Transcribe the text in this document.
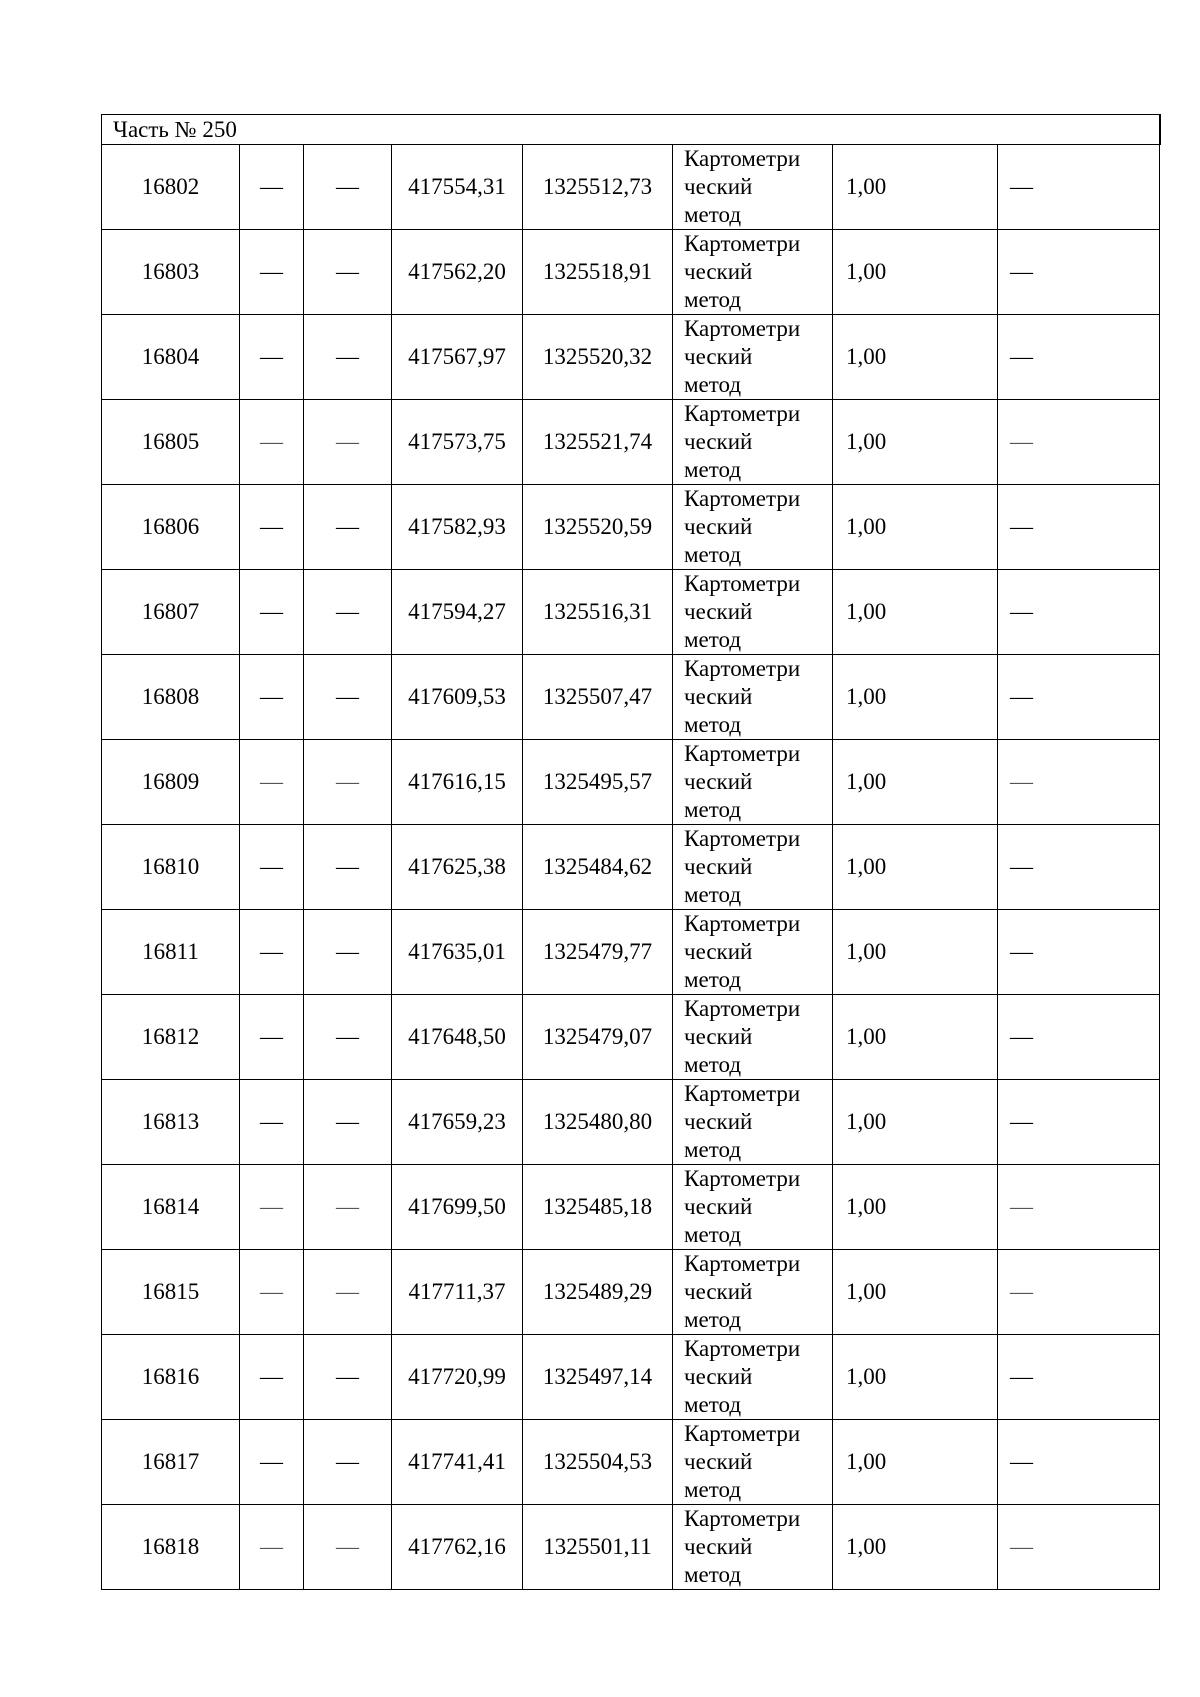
Часть № 250							
16802	—	—	417554,31	1325512,73	Картометри
ческий
метод	1,00	—
16803	—	—	417562,20	1325518,91	Картометри
ческий
метод	1,00	—
16804	—	—	417567,97	1325520,32	Картометри
ческий
метод	1,00	—
16805	—	—	417573,75	1325521,74	Картометри
ческий
метод	1,00	—
16806	—	—	417582,93	1325520,59	Картометри
ческий
метод	1,00	—
16807	—	—	417594,27	1325516,31	Картометри
ческий
метод	1,00	—
16808	—	—	417609,53	1325507,47	Картометри
ческий
метод	1,00	—
16809	—	—	417616,15	1325495,57	Картометри
ческий
метод	1,00	—
16810	—	—	417625,38	1325484,62	Картометри
ческий
метод	1,00	—
16811	—	—	417635,01	1325479,77	Картометри
ческий
метод	1,00	—
16812	—	—	417648,50	1325479,07	Картометри
ческий
метод	1,00	—
16813	—	—	417659,23	1325480,80	Картометри
ческий
метод	1,00	—
16814	—	—	417699,50	1325485,18	Картометри
ческий
метод	1,00	—
16815	—	—	417711,37	1325489,29	Картометри
ческий
метод	1,00	—
16816	—	—	417720,99	1325497,14	Картометри
ческий
метод	1,00	—
16817	—	—	417741,41	1325504,53	Картометри
ческий
метод	1,00	—
16818	—	—	417762,16	1325501,11	Картометри
ческий
метод	1,00	—
